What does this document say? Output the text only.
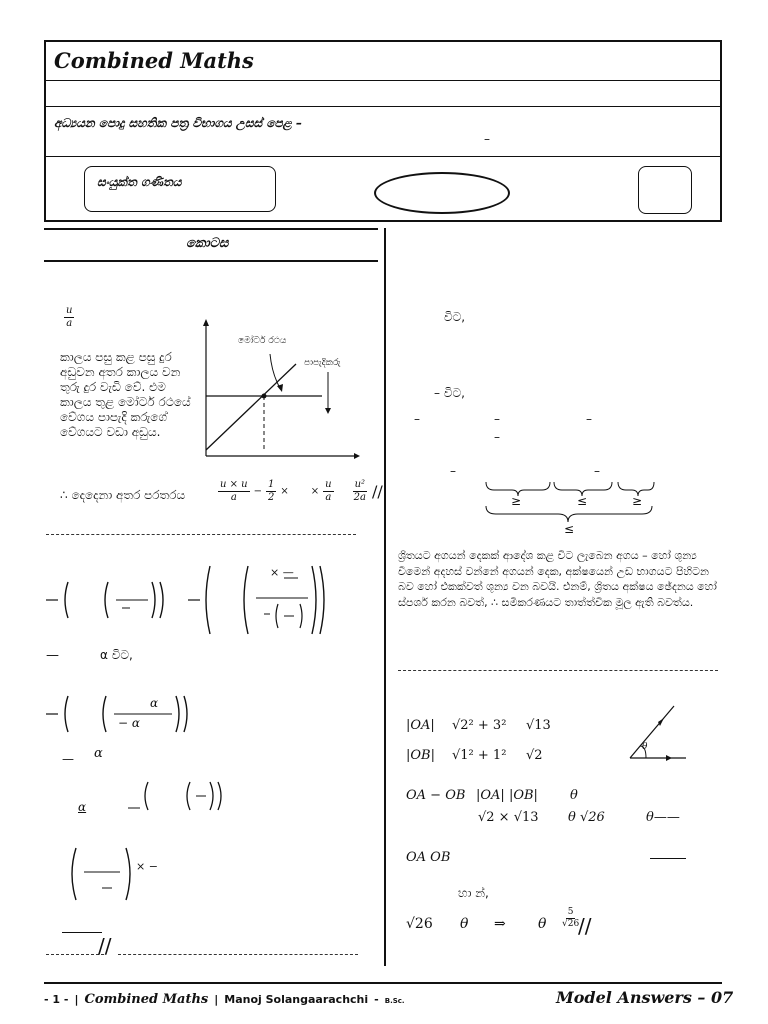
Combined Maths
අධ්‍යයන පොදු සහතික පත්‍ර විභාගය උසස් පෙළ –
–
සංයුක්ත ගණිතය
කොටස
$\frac{u}{a}$
කාලය පසු කළ පසු දුර අඩුවන අතර කාලය වන තුරු දුර වැඩි වේ. එම කාලය තුළ මෝටර් රථයේ වේගය පාපැදි කරුගේ වේගයට වඩා අඩුය.
මෝටර් රථය
පාපැදිකරු
∴ දෙදෙනා අතර පරතරය	$\frac{u \times u}{a} - \frac{1}{2}$ × × $\frac{u}{a} \frac{\text{u²}}{2a}$ //
× —
—	α විට,
α
− α
— α
α
× −
//
විට,
– විට,
–	–	–
–
–	–
≥	≤	≥
≤
ශ්‍රිතයට අගයන් දෙකක් ආදේශ කළ විට ලැබෙන අගය – හෝ ශුන්‍ය වීමෙන් අදහස් වන්නේ අගයන් දෙක, අක්ෂයෙන් උඩ භාගයට පිහිටන බව හෝ එකක්වත් ශුන්‍ය වන බවයි. එනම්, ශ්‍රිතය අක්ෂය ඡේදනය හෝ ස්පර්ශ කරන බවත්, ∴ සමීකරණයට තාත්ත්වික මූල ඇති බවත්ය.
|OA| √2² + 3² √13
|OB| √1² + 1² √2
θ
OA − OB |OA| |OB| θ
√2 × √13 θ √26	θ——
OA OB
හා න්,
√26 θ ⇒ θ $\frac{5}{√26}$
//
- 1 - | Combined Maths | Manoj Solangaarachchi - B.Sc.	Model Answers – 07
